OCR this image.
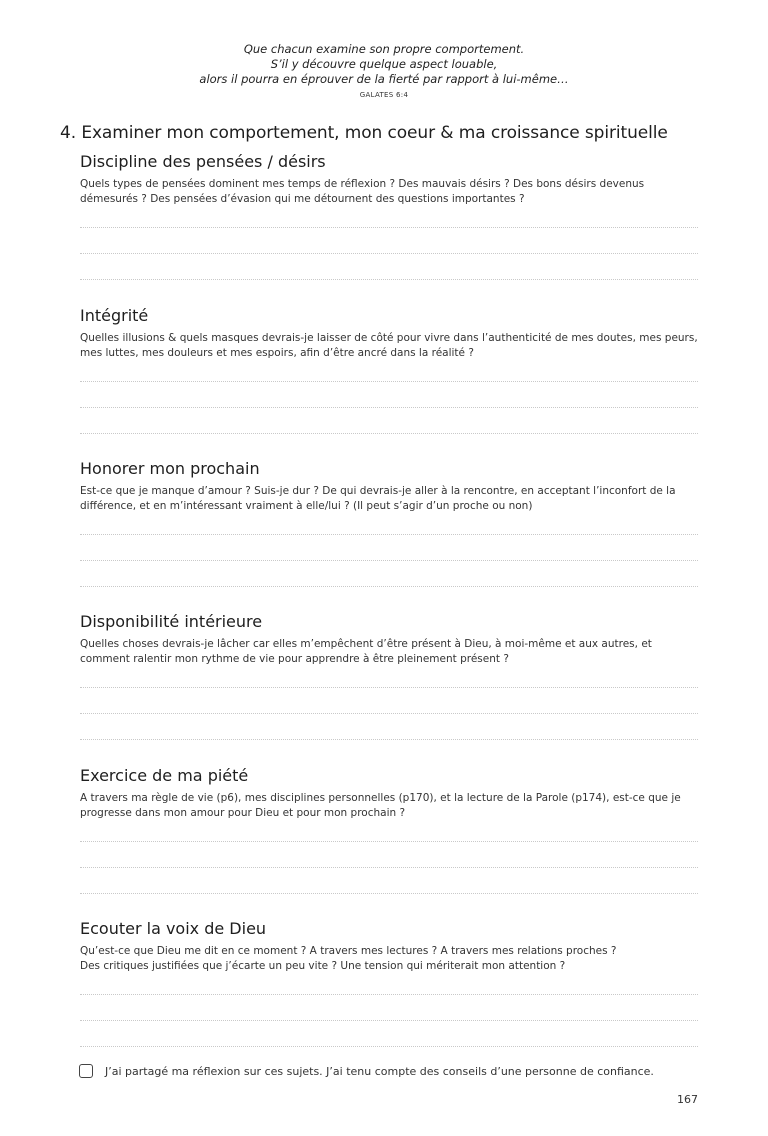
Que chacun examine son propre comportement.
S’il y découvre quelque aspect louable,
alors il pourra en éprouver de la fierté par rapport à lui-même…
GALATES 6:4
4. Examiner mon comportement, mon coeur & ma croissance spirituelle
Discipline des pensées / désirs

Quels types de pensées dominent mes temps de réflexion ? Des mauvais désirs ? Des bons désirs devenus démesurés ? Des pensées d’évasion qui me détournent des questions importantes ?

Intégrité

Quelles illusions & quels masques devrais-je laisser de côté pour vivre dans l’authenticité de mes doutes, mes peurs, mes luttes, mes douleurs et mes espoirs, afin d’être ancré dans la réalité ?

Honorer mon prochain

Est-ce que je manque d’amour ? Suis-je dur ? De qui devrais-je aller à la rencontre, en acceptant l’inconfort de la différence, et en m’intéressant vraiment à elle/lui ? (Il peut s’agir d’un proche ou non)

Disponibilité intérieure

Quelles choses devrais-je lâcher car elles m’empêchent d’être présent à Dieu, à moi-même et aux autres, et comment ralentir mon rythme de vie pour apprendre à être pleinement présent ?

Exercice de ma piété

A travers ma règle de vie (p6), mes disciplines personnelles (p170), et la lecture de la Parole (p174), est-ce que je progresse dans mon amour pour Dieu et pour mon prochain ?

Ecouter la voix de Dieu

Qu’est-ce que Dieu me dit en ce moment ? A travers mes lectures ? A travers mes relations proches ?
Des critiques justifiées que j’écarte un peu vite ? Une tension qui mériterait mon attention ?

J’ai partagé ma réflexion sur ces sujets. J’ai tenu compte des conseils d’une personne de confiance.
167
